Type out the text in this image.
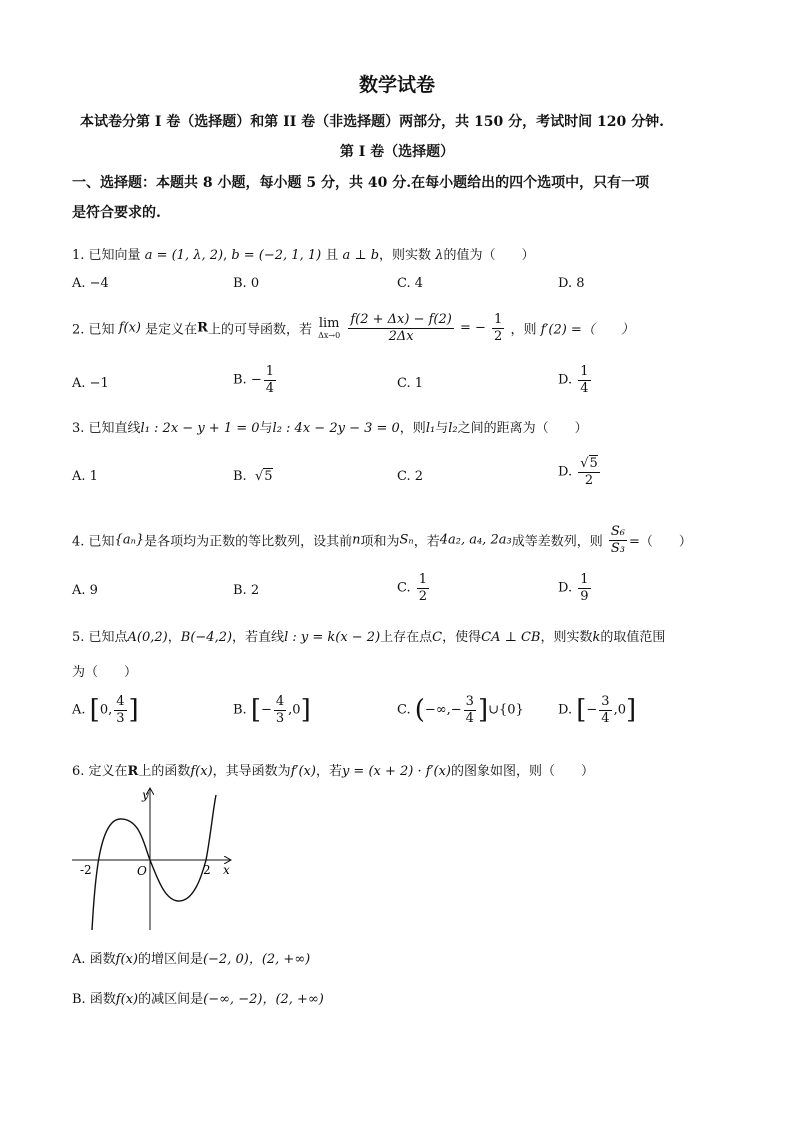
数学试卷
本试卷分第 I 卷（选择题）和第 II 卷（非选择题）两部分，共 150 分，考试时间 120 分钟.
第 I 卷（选择题）
一、选择题：本题共 8 小题，每小题 5 分，共 40 分.在每小题给出的四个选项中，只有一项
是符合要求的.
1. 已知向量 a = (1, λ, 2), b = (−2, 1, 1) 且 a ⊥ b，则实数 λ的值为（　　）
A. −4	B. 0	C. 4	D. 8
2. 已知 f(x) 是定义在R上的可导函数，若 lim
Δx→0
$\frac{f(2 + \Delta x) - f(2)}{2\Delta x}$ = − $\frac{1}{2}$ ，则 f′(2) =（　　）
A. −1	B. − $\frac{1}{4}$	C. 1	D. $\frac{1}{4}$
3. 已知直线l₁ : 2x − y + 1 = 0与l₂ : 4x − 2y − 3 = 0，则l₁与l₂之间的距离为（　　）
A. 1	B.  √5	C. 2	D. $\frac{√5}{2}$
4. 已知{aₙ}是各项均为正数的等比数列，设其前n项和为Sₙ，若4a₂, a₄, 2a₃成等差数列，则 $\frac{\text{S₆}}{\text{S₃}}$ =（　　）
A. 9	B. 2	C. $\frac{1}{2}$	D. $\frac{1}{9}$
5. 已知点A(0,2)，B(−4,2)，若直线l : y = k(x − 2)上存在点C，使得CA ⊥ CB，则实数k的取值范围
为（　　）
A. [0, $\frac{4}{3}$ ]	B. [− $\frac{4}{3} ,0$]	C. (−∞,− $\frac{3}{4}$ ]∪{0}	D. [− $\frac{3}{4} ,0$]
6. 定义在R上的函数f(x)，其导函数为f′(x)，若y = (x + 2) · f′(x)的图象如图，则（　　）
y
x
O
-2	2
A. 函数f(x)的增区间是(−2, 0)，(2, +∞)
B. 函数f(x)的减区间是(−∞, −2)，(2, +∞)
